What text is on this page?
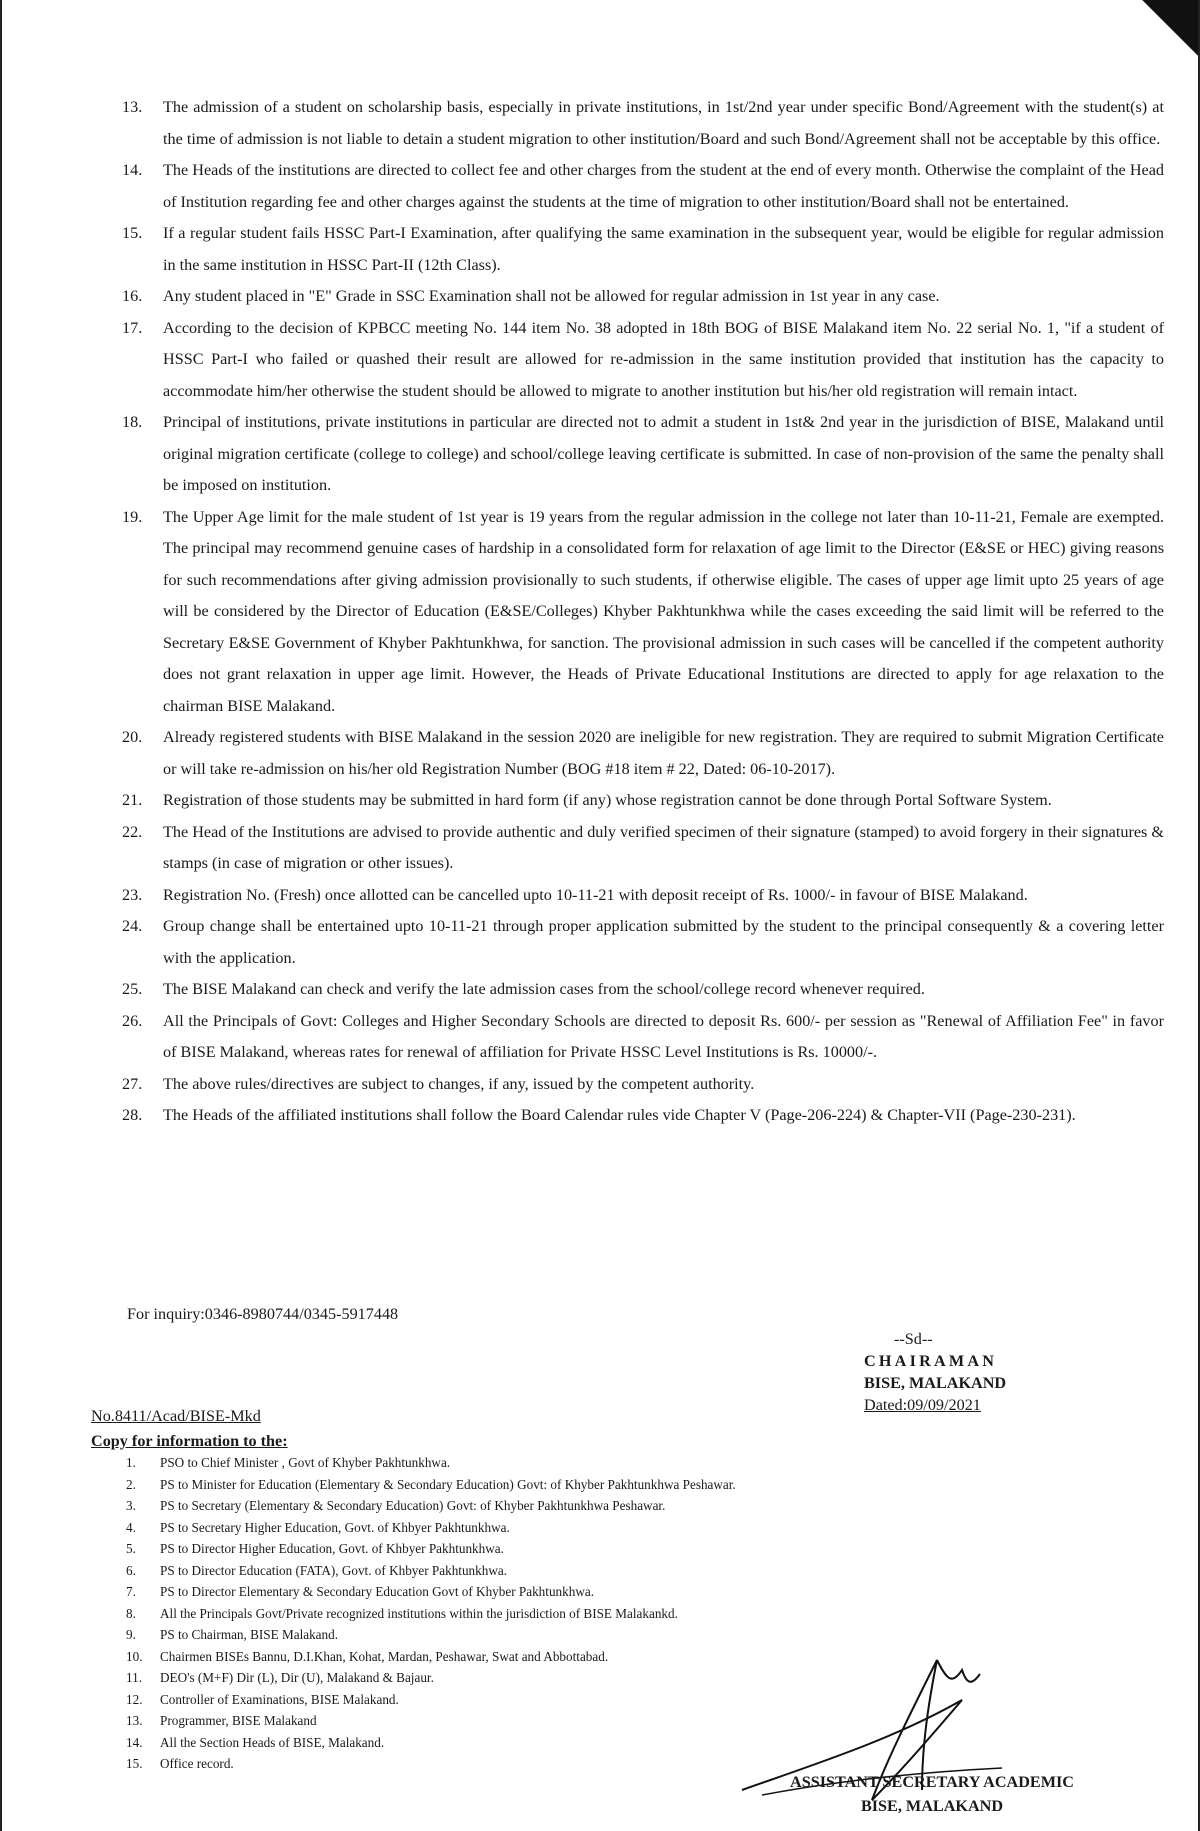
13.	The admission of a student on scholarship basis, especially in private institutions, in 1st/2nd year under specific Bond/Agreement with the student(s) at the time of admission is not liable to detain a student migration to other institution/Board and such Bond/Agreement shall not be acceptable by this office.
14.	The Heads of the institutions are directed to collect fee and other charges from the student at the end of every month. Otherwise the complaint of the Head of Institution regarding fee and other charges against the students at the time of migration to other institution/Board shall not be entertained.
15.	If a regular student fails HSSC Part-I Examination, after qualifying the same examination in the subsequent year, would be eligible for regular admission in the same institution in HSSC Part-II (12th Class).
16.	Any student placed in "E" Grade in SSC Examination shall not be allowed for regular admission in 1st year in any case.
17.	According to the decision of KPBCC meeting No. 144 item No. 38 adopted in 18th BOG of BISE Malakand item No. 22 serial No. 1, "if a student of HSSC Part-I who failed or quashed their result are allowed for re-admission in the same institution provided that institution has the capacity to accommodate him/her otherwise the student should be allowed to migrate to another institution but his/her old registration will remain intact.
18.	Principal of institutions, private institutions in particular are directed not to admit a student in 1st& 2nd year in the jurisdiction of BISE, Malakand until original migration certificate (college to college) and school/college leaving certificate is submitted. In case of non-provision of the same the penalty shall be imposed on institution.
19.	The Upper Age limit for the male student of 1st year is 19 years from the regular admission in the college not later than 10-11-21, Female are exempted. The principal may recommend genuine cases of hardship in a consolidated form for relaxation of age limit to the Director (E&SE or HEC) giving reasons for such recommendations after giving admission provisionally to such students, if otherwise eligible. The cases of upper age limit upto 25 years of age will be considered by the Director of Education (E&SE/Colleges) Khyber Pakhtunkhwa while the cases exceeding the said limit will be referred to the Secretary E&SE Government of Khyber Pakhtunkhwa, for sanction. The provisional admission in such cases will be cancelled if the competent authority does not grant relaxation in upper age limit. However, the Heads of Private Educational Institutions are directed to apply for age relaxation to the chairman BISE Malakand.
20.	Already registered students with BISE Malakand in the session 2020 are ineligible for new registration. They are required to submit Migration Certificate or will take re-admission on his/her old Registration Number (BOG #18 item # 22, Dated: 06-10-2017).
21.	Registration of those students may be submitted in hard form (if any) whose registration cannot be done through Portal Software System.
22.	The Head of the Institutions are advised to provide authentic and duly verified specimen of their signature (stamped) to avoid forgery in their signatures & stamps (in case of migration or other issues).
23.	Registration No. (Fresh) once allotted can be cancelled upto 10-11-21 with deposit receipt of Rs. 1000/- in favour of BISE Malakand.
24.	Group change shall be entertained upto 10-11-21 through proper application submitted by the student to the principal consequently & a covering letter with the application.
25.	The BISE Malakand can check and verify the late admission cases from the school/college record whenever required.
26.	All the Principals of Govt: Colleges and Higher Secondary Schools are directed to deposit Rs. 600/- per session as "Renewal of Affiliation Fee" in favor of BISE Malakand, whereas rates for renewal of affiliation for Private HSSC Level Institutions is Rs. 10000/-.
27.	The above rules/directives are subject to changes, if any, issued by the competent authority.
28.	The Heads of the affiliated institutions shall follow the Board Calendar rules vide Chapter V (Page-206-224) & Chapter-VII (Page-230-231).
For inquiry:0346-8980744/0345-5917448
--Sd--
CHAIRAMAN
BISE, MALAKAND
Dated:09/09/2021
No.8411/Acad/BISE-Mkd
Copy for information to the:
1. PSO to Chief Minister , Govt of Khyber Pakhtunkhwa.
2. PS to Minister for Education (Elementary & Secondary Education) Govt: of Khyber Pakhtunkhwa Peshawar.
3. PS to Secretary (Elementary & Secondary Education) Govt: of Khyber Pakhtunkhwa Peshawar.
4. PS to Secretary Higher Education, Govt. of Khbyer Pakhtunkhwa.
5. PS to Director Higher Education, Govt. of Khbyer Pakhtunkhwa.
6. PS to Director Education (FATA), Govt. of Khbyer Pakhtunkhwa.
7. PS to Director Elementary & Secondary Education Govt of Khyber Pakhtunkhwa.
8. All the Principals Govt/Private recognized institutions within the jurisdiction of BISE Malakankd.
9. PS to Chairman, BISE Malakand.
10. Chairmen BISEs Bannu, D.I.Khan, Kohat, Mardan, Peshawar, Swat and Abbottabad.
11. DEO's (M+F) Dir (L), Dir (U), Malakand & Bajaur.
12. Controller of Examinations, BISE Malakand.
13. Programmer, BISE Malakand
14. All the Section Heads of BISE, Malakand.
15. Office record.
ASSISTANT SECRETARY ACADEMIC
BISE, MALAKAND
